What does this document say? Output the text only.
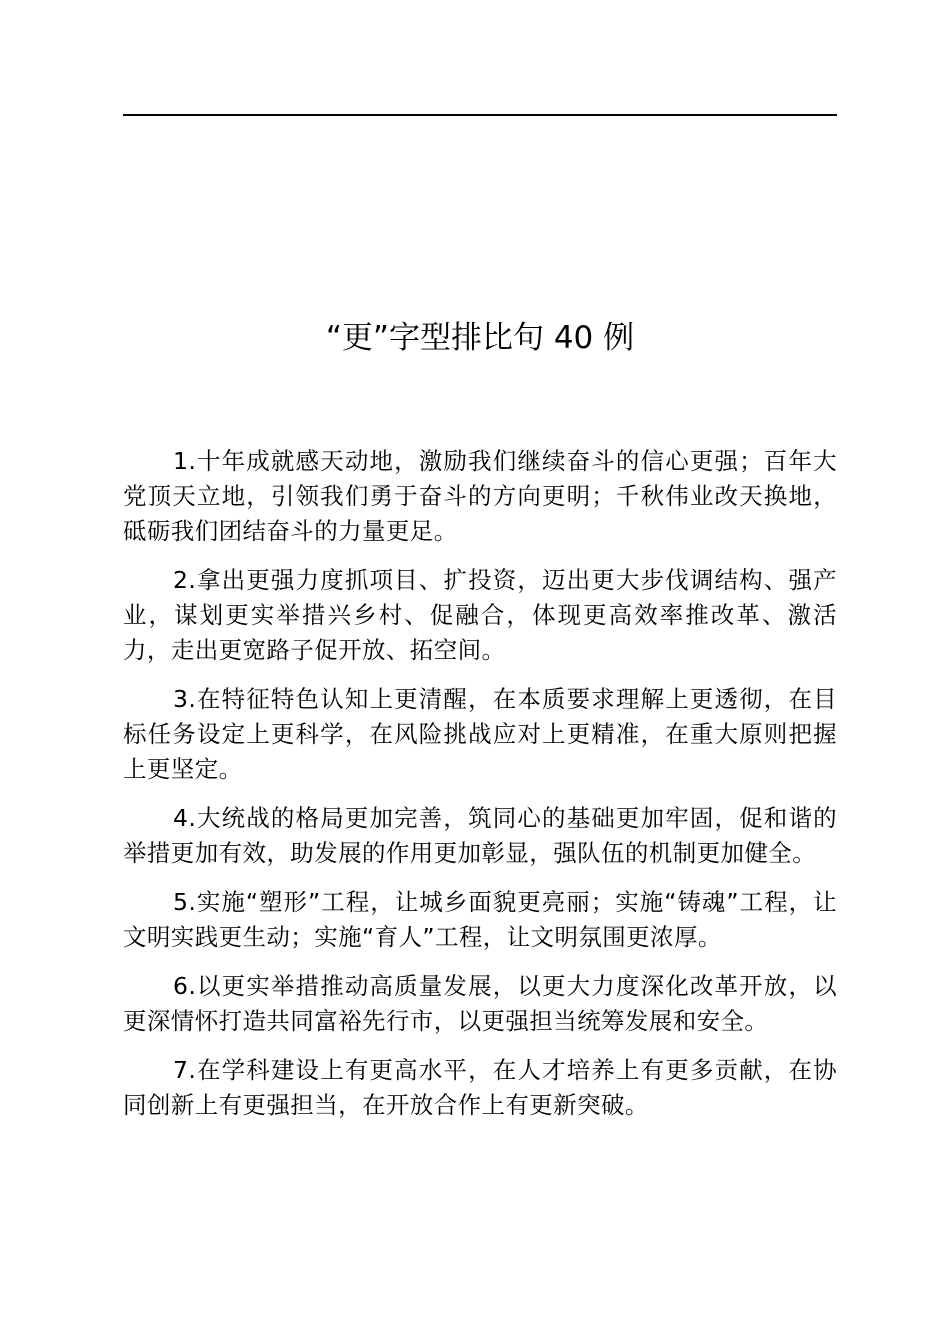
“更”字型排比句 40 例

1.十年成就感天动地，激励我们继续奋斗的信心更强；百年大党顶天立地，引领我们勇于奋斗的方向更明；千秋伟业改天换地，砥砺我们团结奋斗的力量更足。

2.拿出更强力度抓项目、扩投资，迈出更大步伐调结构、强产业，谋划更实举措兴乡村、促融合，体现更高效率推改革、激活力，走出更宽路子促开放、拓空间。

3.在特征特色认知上更清醒，在本质要求理解上更透彻，在目标任务设定上更科学，在风险挑战应对上更精准，在重大原则把握上更坚定。

4.大统战的格局更加完善，筑同心的基础更加牢固，促和谐的举措更加有效，助发展的作用更加彰显，强队伍的机制更加健全。

5.实施“塑形”工程，让城乡面貌更亮丽；实施“铸魂”工程，让文明实践更生动；实施“育人”工程，让文明氛围更浓厚。

6.以更实举措推动高质量发展，以更大力度深化改革开放，以更深情怀打造共同富裕先行市，以更强担当统筹发展和安全。

7.在学科建设上有更高水平，在人才培养上有更多贡献，在协同创新上有更强担当，在开放合作上有更新突破。
